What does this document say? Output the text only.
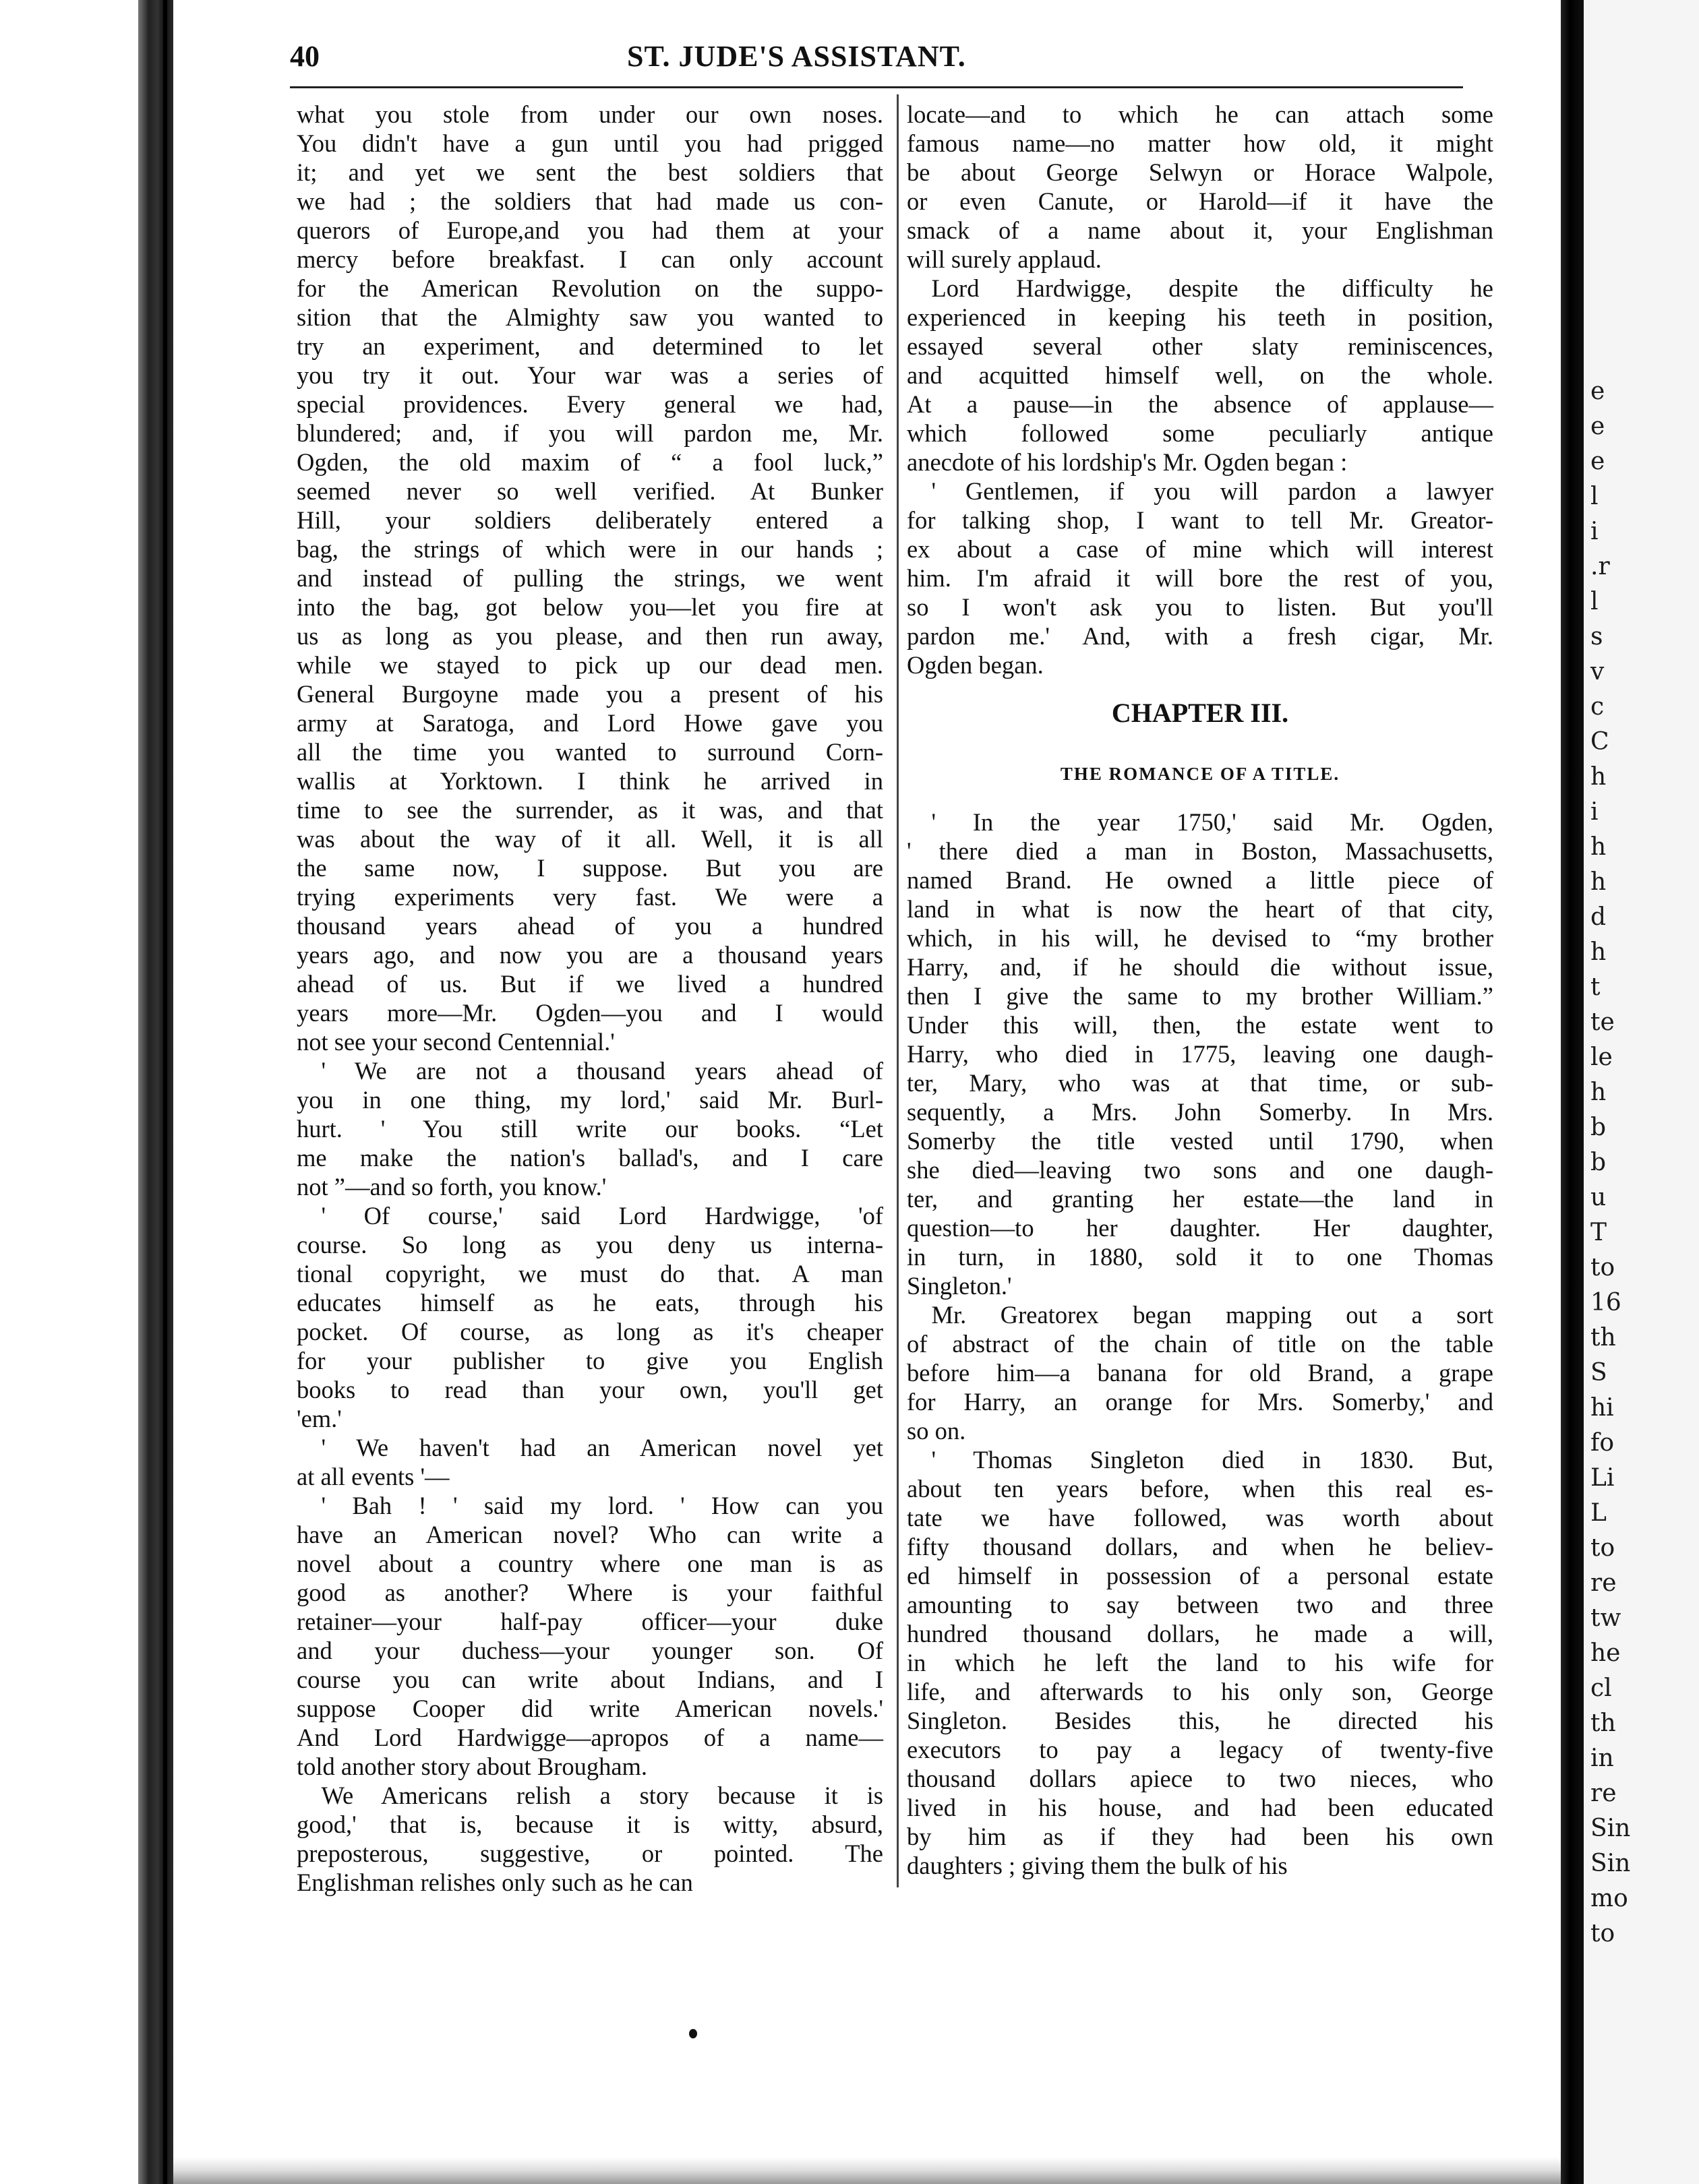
40	ST. JUDE'S ASSISTANT.
what you stole from under our own noses.
You didn't have a gun until you had prigged
it; and yet we sent the best soldiers that
we had ; the soldiers that had made us con-
querors of Europe,and you had them at your
mercy before breakfast. I can only account
for the American Revolution on the suppo-
sition that the Almighty saw you wanted to
try an experiment, and determined to let
you try it out. Your war was a series of
special providences. Every general we had,
blundered; and, if you will pardon me, Mr.
Ogden, the old maxim of “ a fool luck,”
seemed never so well verified. At Bunker
Hill, your soldiers deliberately entered a
bag, the strings of which were in our hands ;
and instead of pulling the strings, we went
into the bag, got below you—let you fire at
us as long as you please, and then run away,
while we stayed to pick up our dead men.
General Burgoyne made you a present of his
army at Saratoga, and Lord Howe gave you
all the time you wanted to surround Corn-
wallis at Yorktown. I think he arrived in
time to see the surrender, as it was, and that
was about the way of it all. Well, it is all
the same now, I suppose. But you are
trying experiments very fast. We were a
thousand years ahead of you a hundred
years ago, and now you are a thousand years
ahead of us. But if we lived a hundred
years more—Mr. Ogden—you and I would
not see your second Centennial.'
 ' We are not a thousand years ahead of
you in one thing, my lord,' said Mr. Burl-
hurt. ' You still write our books. “Let
me make the nation's ballad's, and I care
not ”—and so forth, you know.'
 ' Of course,' said Lord Hardwigge, 'of
course. So long as you deny us interna-
tional copyright, we must do that. A man
educates himself as he eats, through his
pocket. Of course, as long as it's cheaper
for your publisher to give you English
books to read than your own, you'll get
'em.'
 ' We haven't had an American novel yet
at all events '—
 ' Bah ! ' said my lord. ' How can you
have an American novel? Who can write a
novel about a country where one man is as
good as another? Where is your faithful
retainer—your half-pay officer—your duke
and your duchess—your younger son. Of
course you can write about Indians, and I
suppose Cooper did write American novels.'
And Lord Hardwigge—apropos of a name—
told another story about Brougham.
 We Americans relish a story because it is
good,' that is, because it is witty, absurd,
preposterous, suggestive, or pointed. The
Englishman relishes only such as he can
locate—and to which he can attach some
famous name—no matter how old, it might
be about George Selwyn or Horace Walpole,
or even Canute, or Harold—if it have the
smack of a name about it, your Englishman
will surely applaud.
 Lord Hardwigge, despite the difficulty he
experienced in keeping his teeth in position,
essayed several other slaty reminiscences,
and acquitted himself well, on the whole.
At a pause—in the absence of applause—
which followed some peculiarly antique
anecdote of his lordship's Mr. Ogden began :
 ' Gentlemen, if you will pardon a lawyer
for talking shop, I want to tell Mr. Greator-
ex about a case of mine which will interest
him. I'm afraid it will bore the rest of you,
so I won't ask you to listen. But you'll
pardon me.' And, with a fresh cigar, Mr.
Ogden began.
CHAPTER III.
THE ROMANCE OF A TITLE.
 ' In the year 1750,' said Mr. Ogden,
' there died a man in Boston, Massachusetts,
named Brand. He owned a little piece of
land in what is now the heart of that city,
which, in his will, he devised to “my brother
Harry, and, if he should die without issue,
then I give the same to my brother William.”
Under this will, then, the estate went to
Harry, who died in 1775, leaving one daugh-
ter, Mary, who was at that time, or sub-
sequently, a Mrs. John Somerby. In Mrs.
Somerby the title vested until 1790, when
she died—leaving two sons and one daugh-
ter, and granting her estate—the land in
question—to her daughter. Her daughter,
in turn, in 1880, sold it to one Thomas
Singleton.'
 Mr. Greatorex began mapping out a sort
of abstract of the chain of title on the table
before him—a banana for old Brand, a grape
for Harry, an orange for Mrs. Somerby,' and
so on.
 ' Thomas Singleton died in 1830. But,
about ten years before, when this real es-
tate we have followed, was worth about
fifty thousand dollars, and when he believ-
ed himself in possession of a personal estate
amounting to say between two and three
hundred thousand dollars, he made a will,
in which he left the land to his wife for
life, and afterwards to his only son, George
Singleton. Besides this, he directed his
executors to pay a legacy of twenty-five
thousand dollars apiece to two nieces, who
lived in his house, and had been educated
by him as if they had been his own
daughters ; giving them the bulk of his
e
e
e
l
i
.r
l
s
v
c
C
h
i
h
h
d
h
t
te
le
h
b
b
u
T
to
16
th
S
hi
fo
Li
L
to
re
tw
he
cl
th
in
re
Sin
Sin
mo
to
